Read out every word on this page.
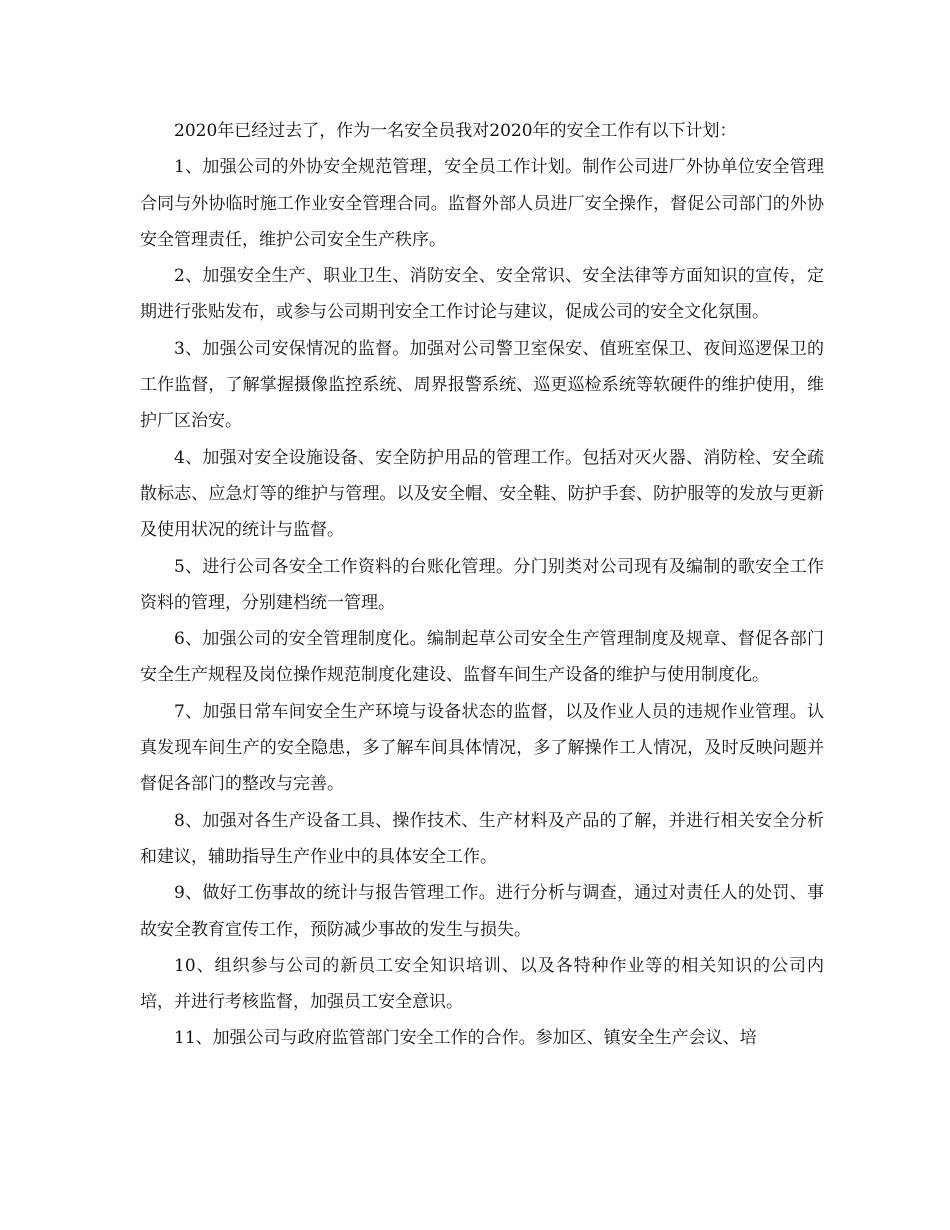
2020年已经过去了，作为一名安全员我对2020年的安全工作有以下计划：

1、加强公司的外协安全规范管理，安全员工作计划。制作公司进厂外协单位安全管理合同与外协临时施工作业安全管理合同。监督外部人员进厂安全操作，督促公司部门的外协安全管理责任，维护公司安全生产秩序。

2、加强安全生产、职业卫生、消防安全、安全常识、安全法律等方面知识的宣传，定期进行张贴发布，或参与公司期刊安全工作讨论与建议，促成公司的安全文化氛围。

3、加强公司安保情况的监督。加强对公司警卫室保安、值班室保卫、夜间巡逻保卫的工作监督，了解掌握摄像监控系统、周界报警系统、巡更巡检系统等软硬件的维护使用，维护厂区治安。

4、加强对安全设施设备、安全防护用品的管理工作。包括对灭火器、消防栓、安全疏散标志、应急灯等的维护与管理。以及安全帽、安全鞋、防护手套、防护服等的发放与更新及使用状况的统计与监督。

5、进行公司各安全工作资料的台账化管理。分门别类对公司现有及编制的歌安全工作资料的管理，分别建档统一管理。

6、加强公司的安全管理制度化。编制起草公司安全生产管理制度及规章、督促各部门安全生产规程及岗位操作规范制度化建设、监督车间生产设备的维护与使用制度化。

7、加强日常车间安全生产环境与设备状态的监督，以及作业人员的违规作业管理。认真发现车间生产的安全隐患，多了解车间具体情况，多了解操作工人情况，及时反映问题并督促各部门的整改与完善。

8、加强对各生产设备工具、操作技术、生产材料及产品的了解，并进行相关安全分析和建议，辅助指导生产作业中的具体安全工作。

9、做好工伤事故的统计与报告管理工作。进行分析与调查，通过对责任人的处罚、事故安全教育宣传工作，预防减少事故的发生与损失。

10、组织参与公司的新员工安全知识培训、以及各特种作业等的相关知识的公司内培，并进行考核监督，加强员工安全意识。

11、加强公司与政府监管部门安全工作的合作。参加区、镇安全生产会议、培
